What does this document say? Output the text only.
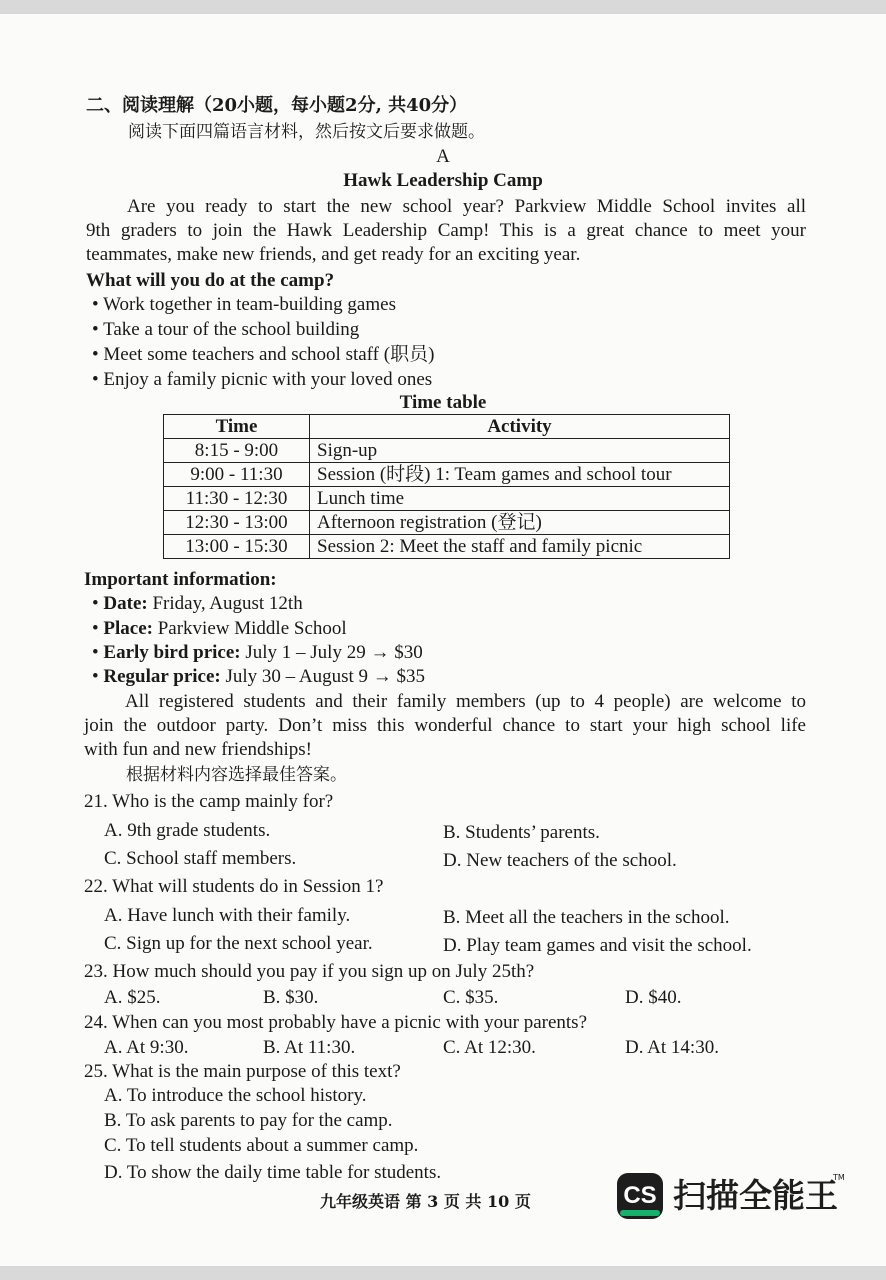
二、阅读理解（20小题，每小题2分, 共40分）
阅读下面四篇语言材料，然后按文后要求做题。
A
Hawk Leadership Camp
Are you ready to start the new school year? Parkview Middle School invites all
9th graders to join the Hawk Leadership Camp! This is a great chance to meet your
teammates, make new friends, and get ready for an exciting year.
What will you do at the camp?
• Work together in team-building games
• Take a tour of the school building
• Meet some teachers and school staff (职员)
• Enjoy a family picnic with your loved ones
Time table
Time	Activity
8:15 - 9:00	Sign-up
9:00 - 11:30	Session (时段) 1: Team games and school tour
11:30 - 12:30	Lunch time
12:30 - 13:00	Afternoon registration (登记)
13:00 - 15:30	Session 2: Meet the staff and family picnic
Important information:
• Date: Friday, August 12th
• Place: Parkview Middle School
• Early bird price: July 1 – July 29 → $30
• Regular price: July 30 – August 9 → $35
All registered students and their family members (up to 4 people) are welcome to
join the outdoor party. Don’t miss this wonderful chance to start your high school life
with fun and new friendships!
根据材料内容选择最佳答案。
21. Who is the camp mainly for?
A. 9th grade students.	B. Students’ parents.
C. School staff members.	D. New teachers of the school.
22. What will students do in Session 1?
A. Have lunch with their family.	B. Meet all the teachers in the school.
C. Sign up for the next school year.	D. Play team games and visit the school.
23. How much should you pay if you sign up on July 25th?
A. $25.	B. $30.	C. $35.	D. $40.
24. When can you most probably have a picnic with your parents?
A. At 9:30.	B. At 11:30.	C. At 12:30.	D. At 14:30.
25. What is the main purpose of this text?
A. To introduce the school history.
B. To ask parents to pay for the camp.
C. To tell students about a summer camp.
D. To show the daily time table for students.
九年级英语 第 3 页 共 10 页	CS 扫描全能王
TM
